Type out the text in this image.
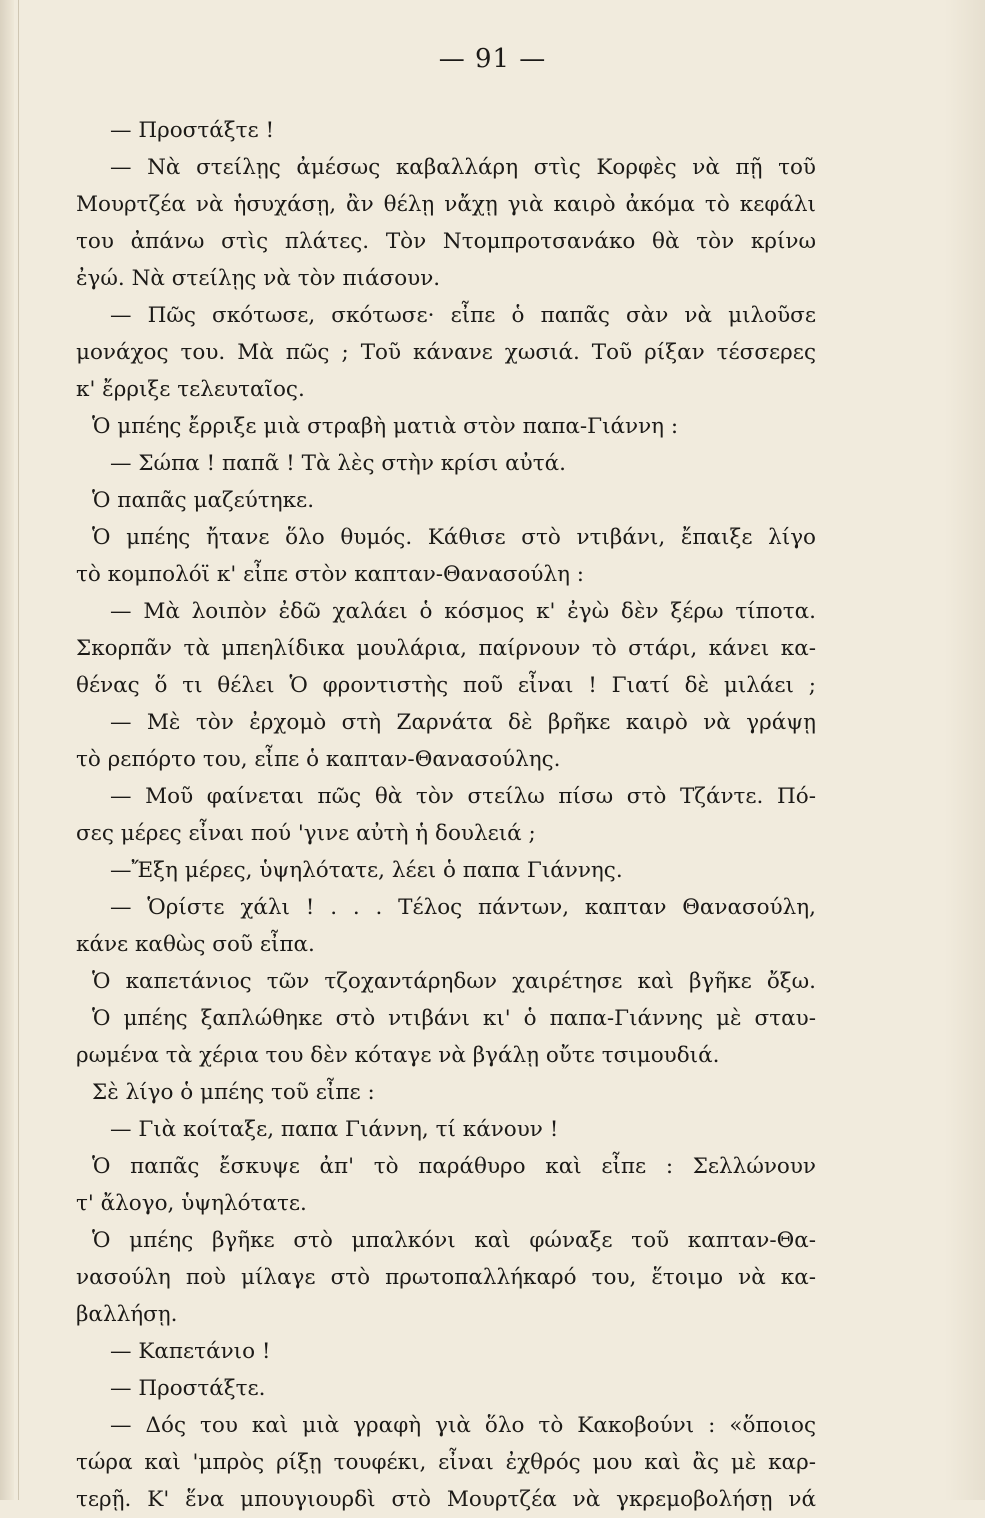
— 91 —
— Προστάξτε !
— Νὰ στείλῃς ἀμέσως καβαλλάρη στὶς Κορφὲς νὰ πῇ τοῦ
Μουρτζέα νὰ ἡσυχάσῃ, ἂν θέλῃ νἄχῃ γιὰ καιρὸ ἀκόμα τὸ κεφάλι
του ἀπάνω στὶς πλάτες. Τὸν Ντομπροτσανάκο θὰ τὸν κρίνω
ἐγώ. Νὰ στείλῃς νὰ τὸν πιάσουν.
— Πῶς σκότωσε, σκότωσε· εἶπε ὁ παπᾶς σὰν νὰ μιλοῦσε
μονάχος του. Μὰ πῶς ; Τοῦ κάνανε χωσιά. Τοῦ ρίξαν τέσσερες
κ' ἔρριξε τελευταῖος.
Ὁ μπέης ἔρριξε μιὰ στραβὴ ματιὰ στὸν παπα-Γιάννη :
— Σώπα ! παπᾶ ! Τὰ λὲς στὴν κρίσι αὐτά.
Ὁ παπᾶς μαζεύτηκε.
Ὁ μπέης ἤτανε ὅλο θυμός. Κάθισε στὸ ντιβάνι, ἔπαιξε λίγο
τὸ κομπολόϊ κ' εἶπε στὸν καπταν-Θανασούλη :
— Μὰ λοιπὸν ἐδῶ χαλάει ὁ κόσμος κ' ἐγὼ δὲν ξέρω τίποτα.
Σκορπᾶν τὰ μπεηλίδικα μουλάρια, παίρνουν τὸ στάρι, κάνει κα-
θένας ὅ τι θέλει Ὁ φροντιστὴς ποῦ εἶναι ! Γιατί δὲ μιλάει ;
— Μὲ τὸν ἐρχομὸ στὴ Ζαρνάτα δὲ βρῆκε καιρὸ νὰ γράψῃ
τὸ ρεπόρτο του, εἶπε ὁ καπταν-Θανασούλης.
— Μοῦ φαίνεται πῶς θὰ τὸν στείλω πίσω στὸ Τζάντε. Πό-
σες μέρες εἶναι πού 'γινε αὐτὴ ἡ δουλειά ;
—Ἔξη μέρες, ὑψηλότατε, λέει ὁ παπα Γιάννης.
— Ὁρίστε χάλι ! . . . Τέλος πάντων, καπταν Θανασούλη,
κάνε καθὼς σοῦ εἶπα.
Ὁ καπετάνιος τῶν τζοχαντάρηδων χαιρέτησε καὶ βγῆκε ὄξω.
Ὁ μπέης ξαπλώθηκε στὸ ντιβάνι κι' ὁ παπα-Γιάννης μὲ σταυ-
ρωμένα τὰ χέρια του δὲν κόταγε νὰ βγάλῃ οὔτε τσιμουδιά.
Σὲ λίγο ὁ μπέης τοῦ εἶπε :
— Γιὰ κοίταξε, παπα Γιάννη, τί κάνουν !
Ὁ παπᾶς ἔσκυψε ἀπ' τὸ παράθυρο καὶ εἶπε : Σελλώνουν
τ' ἄλογο, ὑψηλότατε.
Ὁ μπέης βγῆκε στὸ μπαλκόνι καὶ φώναξε τοῦ καπταν-Θα-
νασούλη ποὺ μίλαγε στὸ πρωτοπαλλήκαρό του, ἕτοιμο νὰ κα-
βαλλήσῃ.
— Καπετάνιο !
— Προστάξτε.
— Δός του καὶ μιὰ γραφὴ γιὰ ὅλο τὸ Κακοβούνι : «ὅποιος
τώρα καὶ 'μπρὸς ρίξῃ τουφέκι, εἶναι ἐχθρός μου καὶ ἂς μὲ καρ-
τερῇ. Κ' ἕνα μπουγιουρδὶ στὸ Μουρτζέα νὰ γκρεμοβολήσῃ νά
